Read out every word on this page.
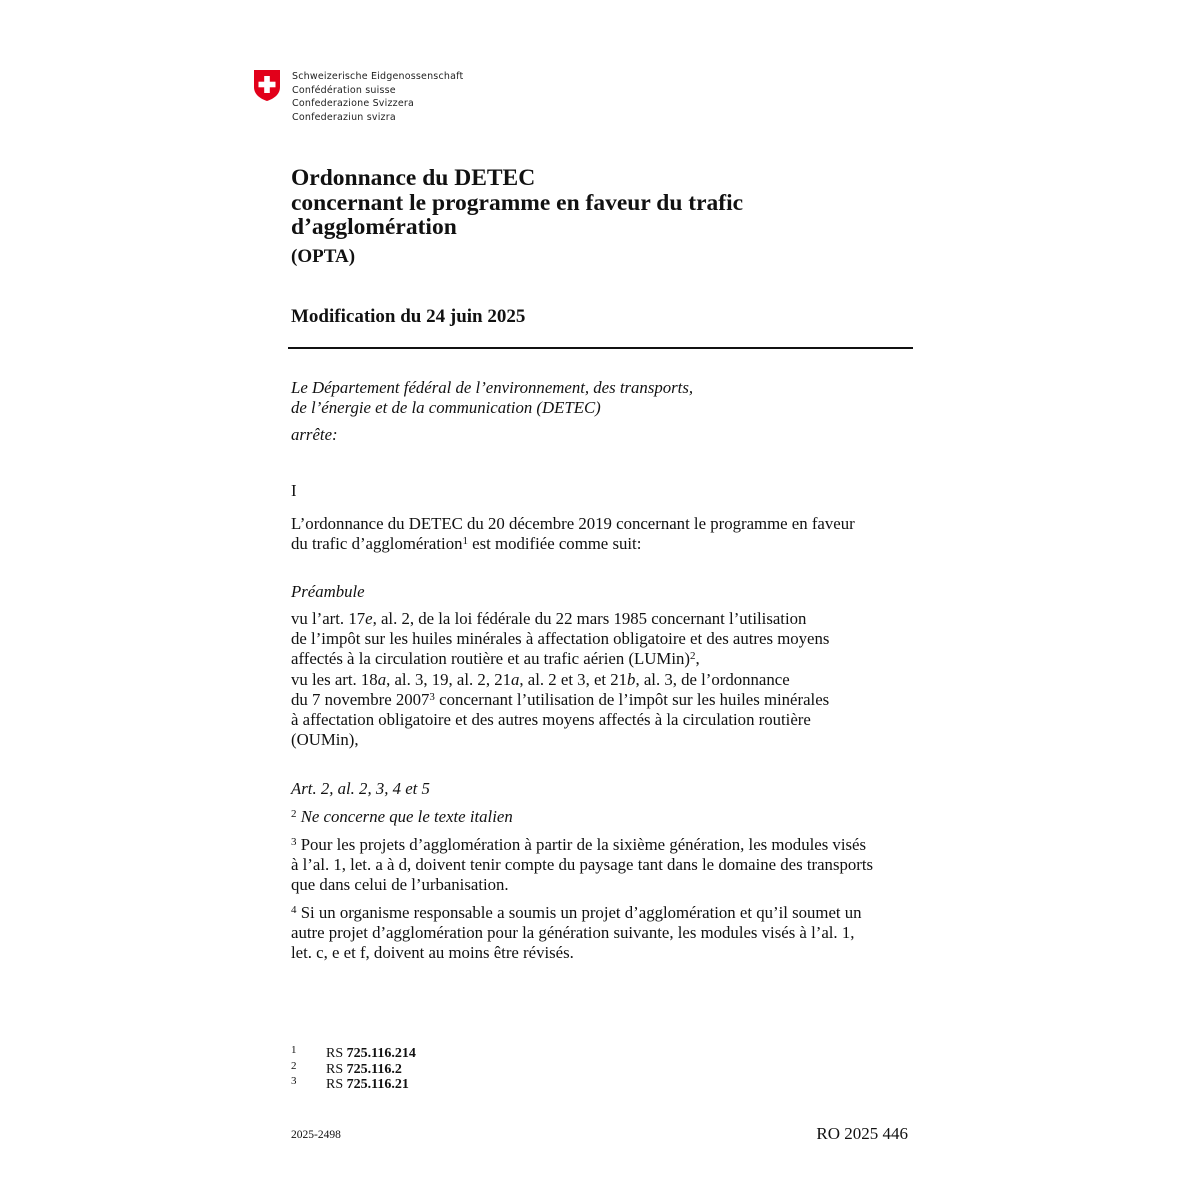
Schweizerische Eidgenossenschaft
Confédération suisse
Confederazione Svizzera
Confederaziun svizra
Ordonnance du DETEC
concernant le programme en faveur du trafic
d’agglomération
(OPTA)
Modification du 24 juin 2025
Le Département fédéral de l’environnement, des transports,
de l’énergie et de la communication (DETEC)
arrête:
I
L’ordonnance du DETEC du 20 décembre 2019 concernant le programme en faveur
du trafic d’agglomération$^1$ est modifiée comme suit:
Préambule
vu l’art. 17e, al. 2, de la loi fédérale du 22 mars 1985 concernant l’utilisation
de l’impôt sur les huiles minérales à affectation obligatoire et des autres moyens
affectés à la circulation routière et au trafic aérien (LUMin)$^2$,
vu les art. 18a, al. 3, 19, al. 2, 21a, al. 2 et 3, et 21b, al. 3, de l’ordonnance
du 7 novembre 2007$^3$ concernant l’utilisation de l’impôt sur les huiles minérales
à affectation obligatoire et des autres moyens affectés à la circulation routière
(OUMin),
Art. 2, al. 2, 3, 4 et 5
$^2$ Ne concerne que le texte italien
$^3$ Pour les projets d’agglomération à partir de la sixième génération, les modules visés
à l’al. 1, let. a à d, doivent tenir compte du paysage tant dans le domaine des transports
que dans celui de l’urbanisation.
$^4$ Si un organisme responsable a soumis un projet d’agglomération et qu’il soumet un
autre projet d’agglomération pour la génération suivante, les modules visés à l’al. 1,
let. c, e et f, doivent au moins être révisés.
1 RS 725.116.214
2 RS 725.116.2
3 RS 725.116.21
2025-2498	RO 2025 446
